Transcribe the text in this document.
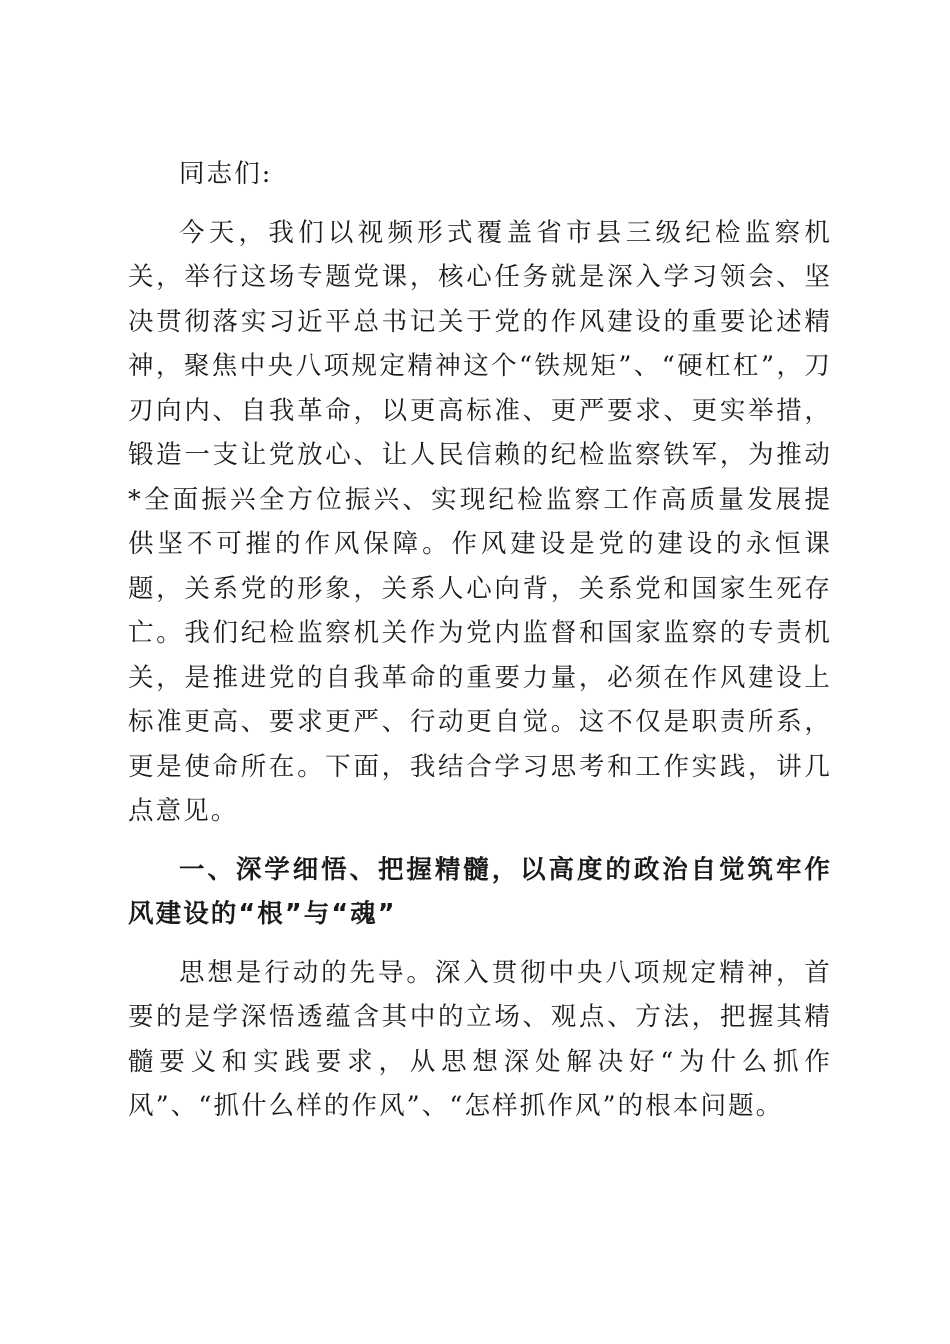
同志们:

今天，我们以视频形式覆盖省市县三级纪检监察机关，举行这场专题党课，核心任务就是深入学习领会、坚决贯彻落实习近平总书记关于党的作风建设的重要论述精神，聚焦中央八项规定精神这个“铁规矩”、“硬杠杠”，刀刃向内、自我革命，以更高标准、更严要求、更实举措，锻造一支让党放心、让人民信赖的纪检监察铁军，为推动*全面振兴全方位振兴、实现纪检监察工作高质量发展提供坚不可摧的作风保障。作风建设是党的建设的永恒课题，关系党的形象，关系人心向背，关系党和国家生死存亡。我们纪检监察机关作为党内监督和国家监察的专责机关，是推进党的自我革命的重要力量，必须在作风建设上标准更高、要求更严、行动更自觉。这不仅是职责所系，更是使命所在。下面，我结合学习思考和工作实践，讲几点意见。

一、深学细悟、把握精髓，以高度的政治自觉筑牢作风建设的“根”与“魂”

思想是行动的先导。深入贯彻中央八项规定精神，首要的是学深悟透蕴含其中的立场、观点、方法，把握其精髓要义和实践要求，从思想深处解决好“为什么抓作风”、“抓什么样的作风”、“怎样抓作风”的根本问题。
